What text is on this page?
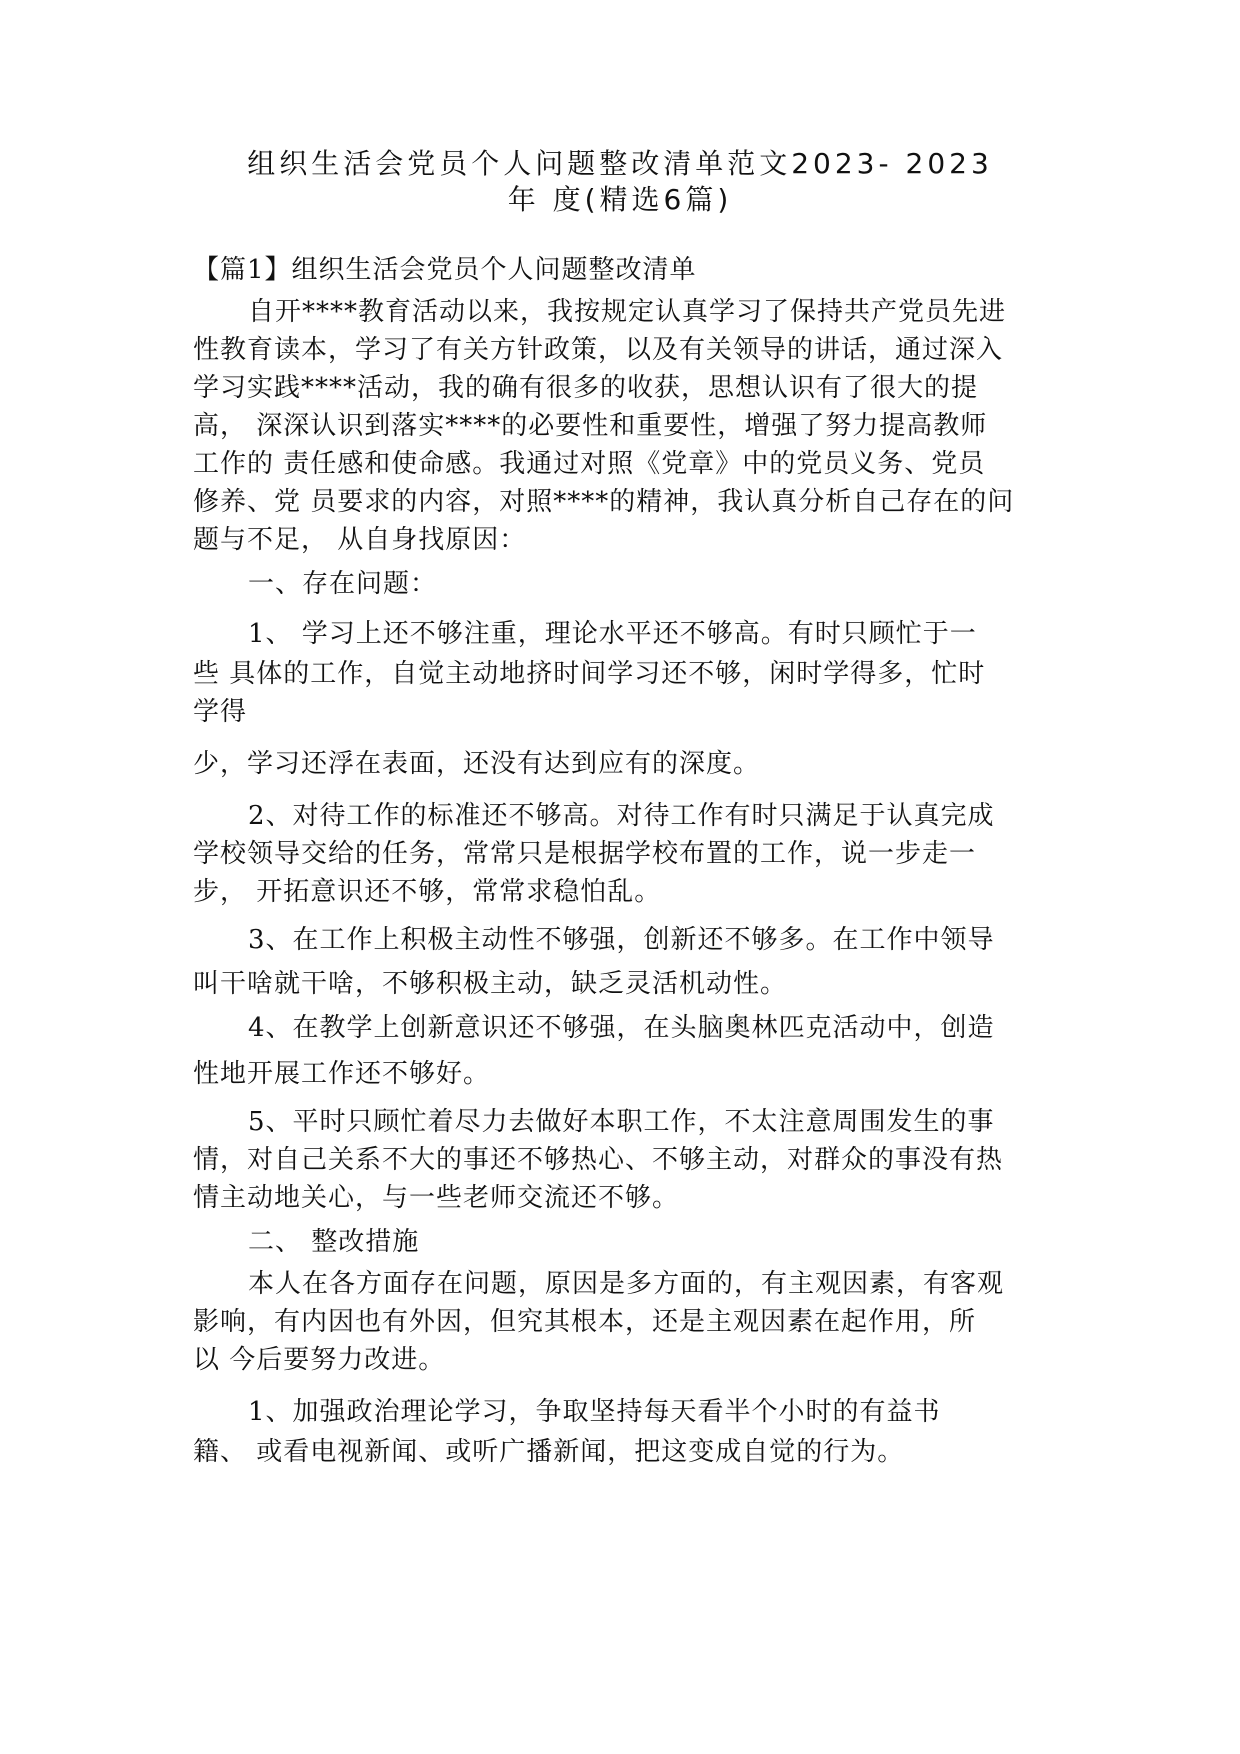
组织生活会党员个人问题整改清单范文2023- 2023
年 度(精选6篇)
【篇1】组织生活会党员个人问题整改清单
自开****教育活动以来，我按规定认真学习了保持共产党员先进
性教育读本，学习了有关方针政策，以及有关领导的讲话，通过深入
学习实践****活动，我的确有很多的收获，思想认识有了很大的提
高， 深深认识到落实****的必要性和重要性，增强了努力提高教师
工作的 责任感和使命感。我通过对照《党章》中的党员义务、党员
修养、党 员要求的内容，对照****的精神，我认真分析自己存在的问
题与不足， 从自身找原因：
一、存在问题：
1、 学习上还不够注重，理论水平还不够高。有时只顾忙于一
些 具体的工作，自觉主动地挤时间学习还不够，闲时学得多，忙时
学得
少，学习还浮在表面，还没有达到应有的深度。
2、对待工作的标准还不够高。对待工作有时只满足于认真完成
学校领导交给的任务，常常只是根据学校布置的工作，说一步走一
步， 开拓意识还不够，常常求稳怕乱。
3、在工作上积极主动性不够强，创新还不够多。在工作中领导
叫干啥就干啥，不够积极主动，缺乏灵活机动性。
4、在教学上创新意识还不够强，在头脑奥林匹克活动中，创造
性地开展工作还不够好。
5、平时只顾忙着尽力去做好本职工作，不太注意周围发生的事
情，对自己关系不大的事还不够热心、不够主动，对群众的事没有热
情主动地关心，与一些老师交流还不够。
二、 整改措施
本人在各方面存在问题，原因是多方面的，有主观因素，有客观
影响，有内因也有外因，但究其根本，还是主观因素在起作用，所
以 今后要努力改进。
1、加强政治理论学习，争取坚持每天看半个小时的有益书
籍、 或看电视新闻、或听广播新闻，把这变成自觉的行为。
